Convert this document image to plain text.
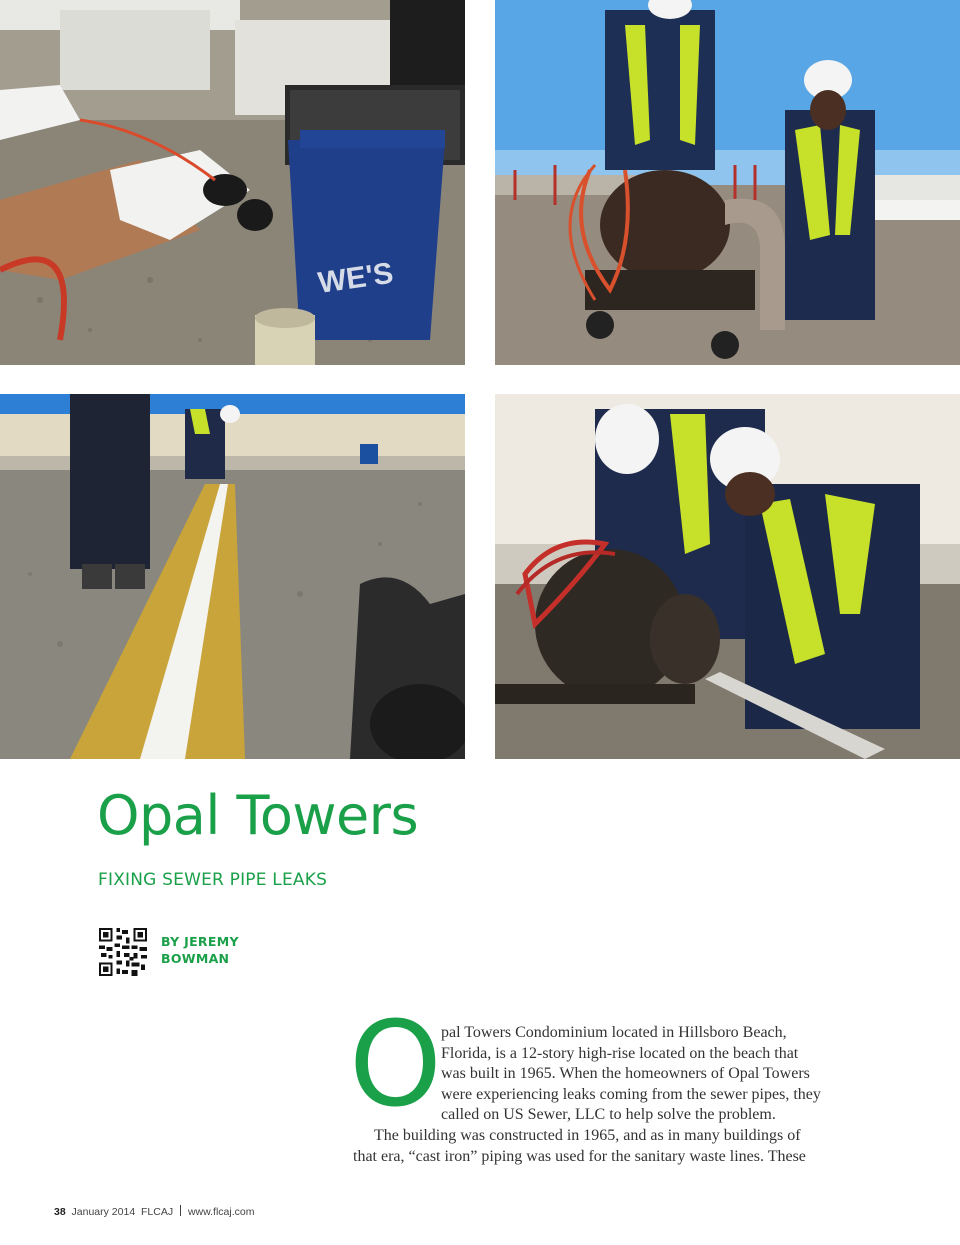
WE'S
Opal Towers
FIXING SEWER PIPE LEAKS
BY JEREMY
BOWMAN
O pal Towers Condominium located in Hillsboro Beach,
Florida, is a 12-story high-rise located on the beach that
was built in 1965. When the homeowners of Opal Towers
were experiencing leaks coming from the sewer pipes, they
called on US Sewer, LLC to help solve the problem.
The building was constructed in 1965, and as in many buildings of
that era, “cast iron” piping was used for the sanitary waste lines. These
38 January 2014 FLCAJ www.flcaj.com
